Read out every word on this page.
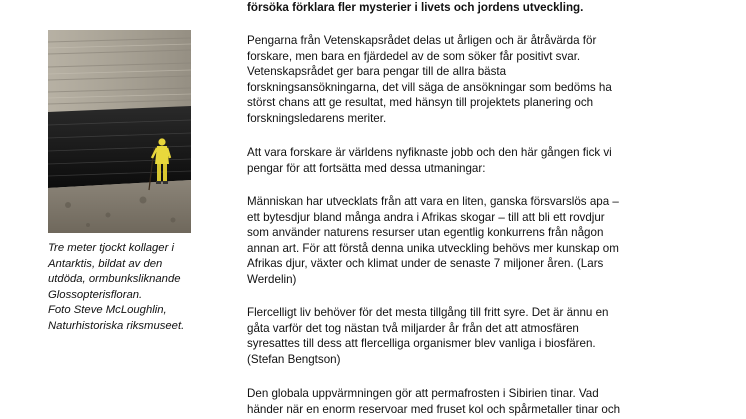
Tre meter tjockt kollager i
Antarktis, bildat av den
utdöda, ormbunksliknande
Glossopterisfloran.
Foto Steve McLoughlin,
Naturhistoriska riksmuseet.
försöka förklara fler mysterier i livets och jordens utveckling.
Pengarna från Vetenskapsrådet delas ut årligen och är åtråvärda för
forskare, men bara en fjärdedel av de som söker får positivt svar.
Vetenskapsrådet ger bara pengar till de allra bästa
forskningsansökningarna, det vill säga de ansökningar som bedöms ha
störst chans att ge resultat, med hänsyn till projektets planering och
forskningsledarens meriter.
Att vara forskare är världens nyfiknaste jobb och den här gången fick vi
pengar för att fortsätta med dessa utmaningar:
Människan har utvecklats från att vara en liten, ganska försvarslös apa –
ett bytesdjur bland många andra i Afrikas skogar – till att bli ett rovdjur
som använder naturens resurser utan egentlig konkurrens från någon
annan art. För att förstå denna unika utveckling behövs mer kunskap om
Afrikas djur, växter och klimat under de senaste 7 miljoner åren. (Lars
Werdelin)
Flercelligt liv behöver för det mesta tillgång till fritt syre. Det är ännu en
gåta varför det tog nästan två miljarder år från det att atmosfären
syresattes till dess att flercelliga organismer blev vanliga i biosfären.
(Stefan Bengtson)
Den globala uppvärmningen gör att permafrosten i Sibirien tinar. Vad
händer när en enorm reservoar med fruset kol och spårmetaller tinar och
